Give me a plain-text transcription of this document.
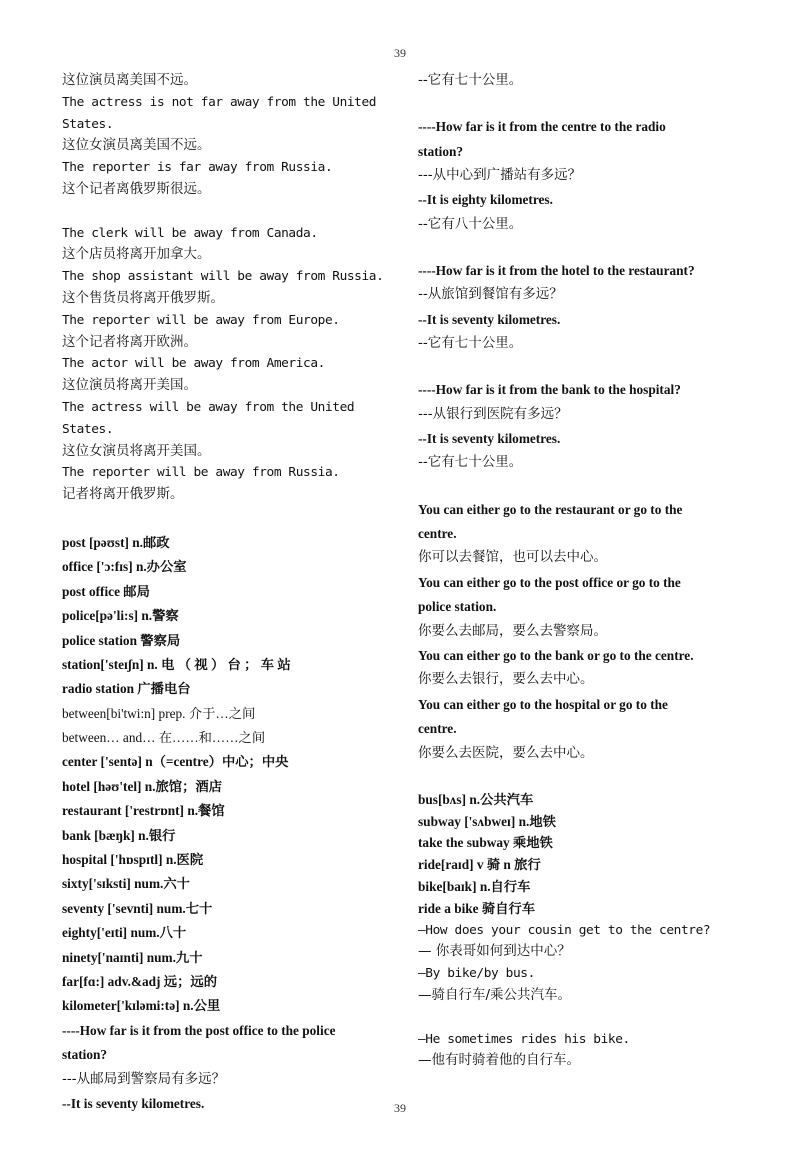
39
这位演员离美国不远。
The actress is not far away from the United
States.
这位女演员离美国不远。
The reporter is far away from Russia.
这个记者离俄罗斯很远。
The clerk will be away from Canada.
这个店员将离开加拿大。
The shop assistant will be away from Russia.
这个售货员将离开俄罗斯。
The reporter will be away from Europe.
这个记者将离开欧洲。
The actor will be away from America.
这位演员将离开美国。
The actress will be away from the United
States.
这位女演员将离开美国。
The reporter will be away from Russia.
记者将离开俄罗斯。
post [pəʊst] n.邮政
office ['ɔ:fɪs] n.办公室
post office 邮局
police[pə'li:s] n.警察
police station 警察局
station['steɪʃn] n. 电 （ 视 ） 台 ； 车 站
radio station 广播电台
between[bi'twi:n] prep. 介于…之间
between… and… 在……和……之间
center ['sentə] n（=centre）中心；中央
hotel [həʊ'tel] n.旅馆；酒店
restaurant ['restrɒnt] n.餐馆
bank [bæŋk] n.银行
hospital ['hɒspɪtl] n.医院
sixty['sɪksti] num.六十
seventy ['sevnti] num.七十
eighty['eɪti] num.八十
ninety['naɪnti] num.九十
far[fɑ:] adv.&adj 远；远的
kilometer['kɪləmi:tə] n.公里
----How far is it from the post office to the police
station?
---从邮局到警察局有多远？
--It is seventy kilometres.
--它有七十公里。
----How far is it from the centre to the radio
station?
---从中心到广播站有多远？
--It is eighty kilometres.
--它有八十公里。
----How far is it from the hotel to the restaurant?
--从旅馆到餐馆有多远？
--It is seventy kilometres.
--它有七十公里。
----How far is it from the bank to the hospital?
---从银行到医院有多远？
--It is seventy kilometres.
--它有七十公里。
You can either go to the restaurant or go to the
centre.
你可以去餐馆，也可以去中心。
You can either go to the post office or go to the
police station.
你要么去邮局，要么去警察局。
You can either go to the bank or go to the centre.
你要么去银行，要么去中心。
You can either go to the hospital or go to the
centre.
你要么去医院，要么去中心。
bus[bʌs] n.公共汽车
subway ['sʌbweɪ] n.地铁
take the subway 乘地铁
ride[raɪd] v 骑 n 旅行
bike[baɪk] n.自行车
ride a bike 骑自行车
—How does your cousin get to the centre?
— 你表哥如何到达中心？
—By bike/by bus.
—骑自行车/乘公共汽车。
—He sometimes rides his bike.
—他有时骑着他的自行车。
39
